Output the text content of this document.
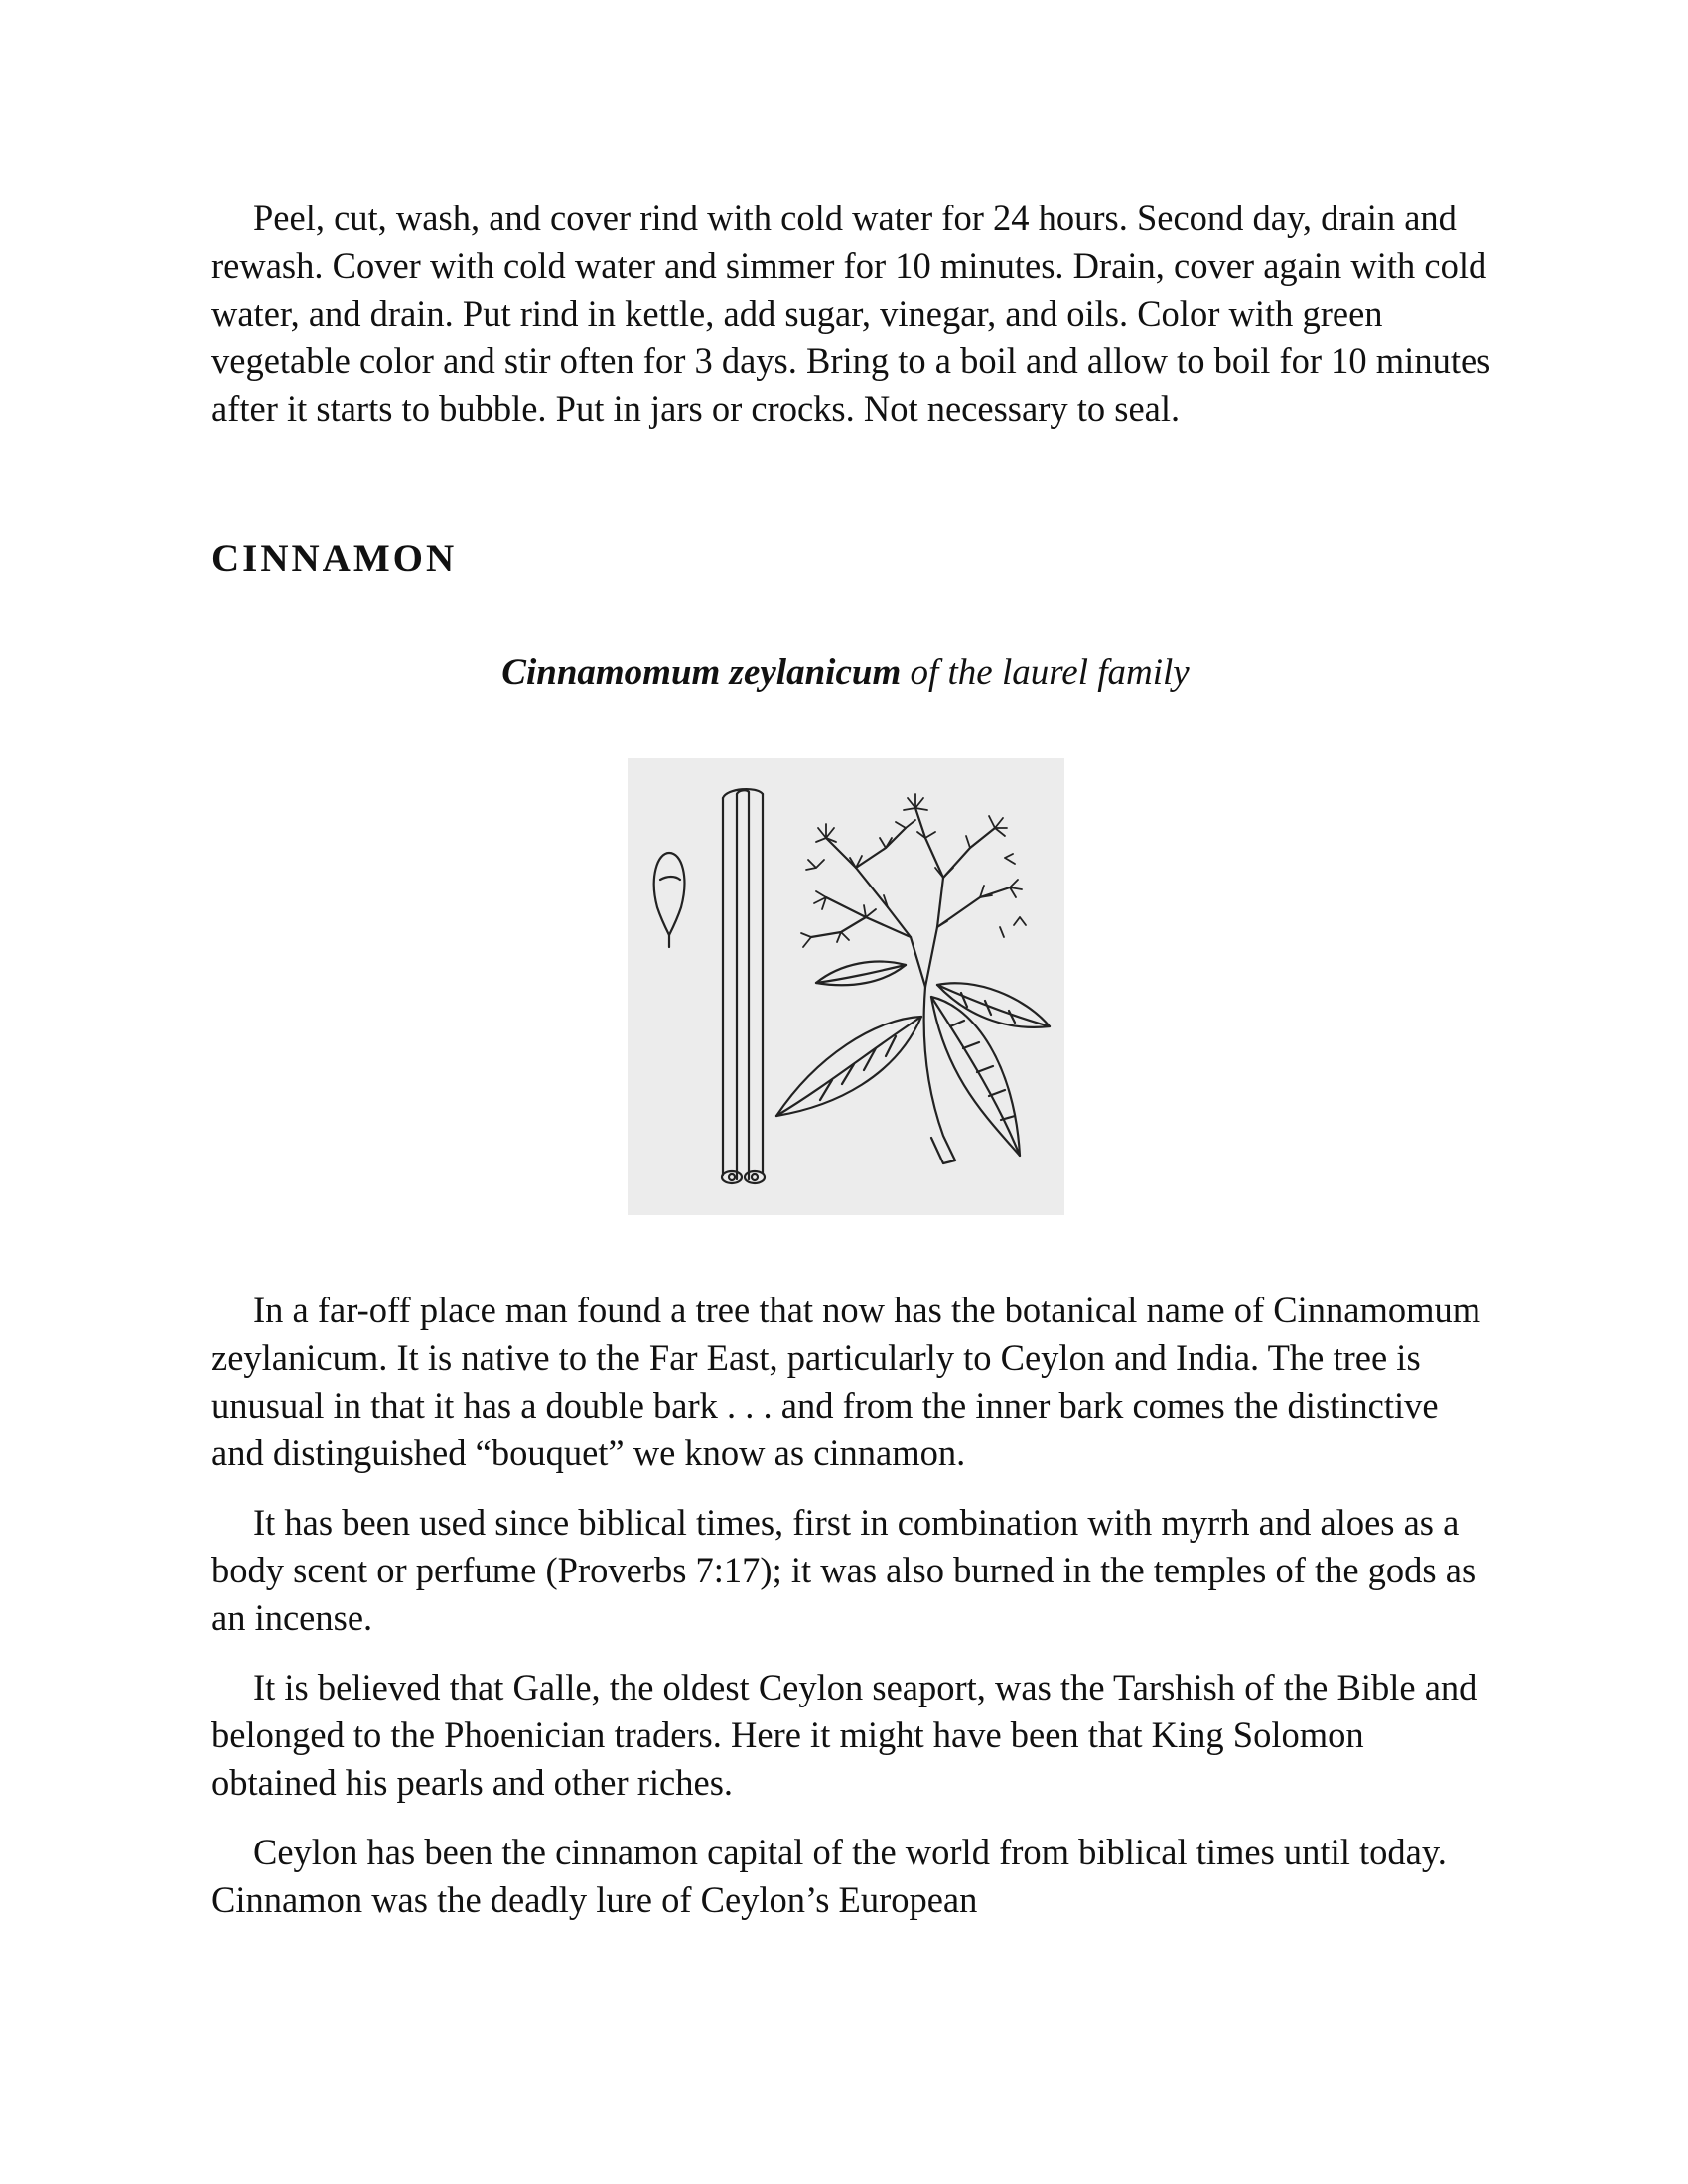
Peel, cut, wash, and cover rind with cold water for 24 hours. Second day, drain and rewash. Cover with cold water and simmer for 10 minutes. Drain, cover again with cold water, and drain. Put rind in kettle, add sugar, vinegar, and oils. Color with green vegetable color and stir often for 3 days. Bring to a boil and allow to boil for 10 minutes after it starts to bubble. Put in jars or crocks. Not necessary to seal.

CINNAMON
Cinnamomum zeylanicum of the laurel family

In a far-off place man found a tree that now has the botanical name of Cinnamomum zeylanicum. It is native to the Far East, particularly to Ceylon and India. The tree is unusual in that it has a double bark . . . and from the inner bark comes the distinctive and distinguished “bouquet” we know as cinnamon.

It has been used since biblical times, first in combination with myrrh and aloes as a body scent or perfume (Proverbs 7:17); it was also burned in the temples of the gods as an incense.

It is believed that Galle, the oldest Ceylon seaport, was the Tarshish of the Bible and belonged to the Phoenician traders. Here it might have been that King Solomon obtained his pearls and other riches.

Ceylon has been the cinnamon capital of the world from biblical times until today. Cinnamon was the deadly lure of Ceylon’s European
